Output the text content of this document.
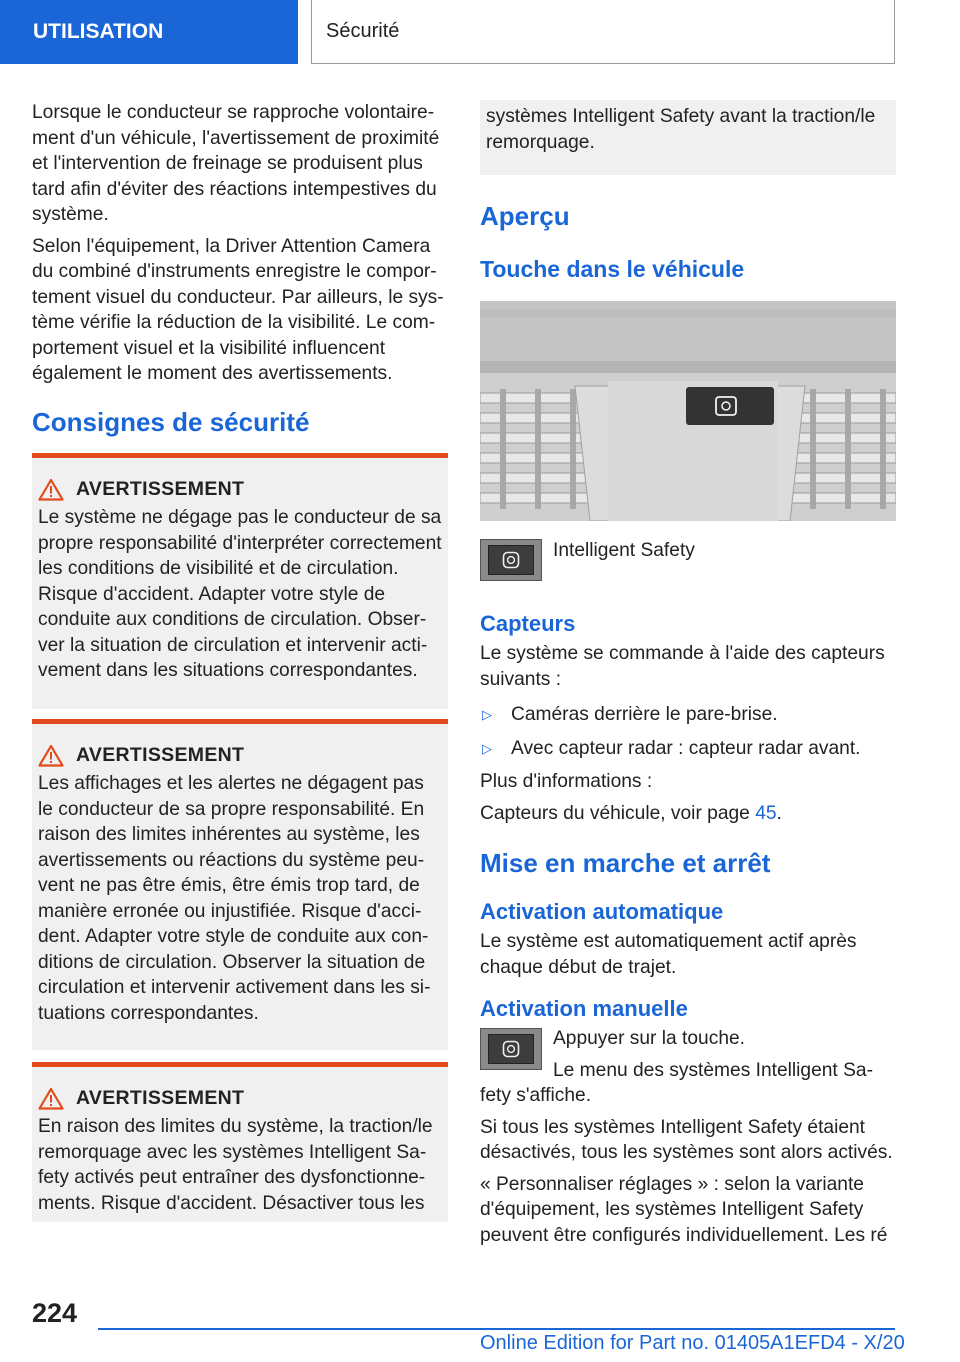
UTILISATION	Sécurité

Lorsque le conducteur se rapproche volontairement d'un véhicule, l'avertissement de proximité et l'intervention de freinage se produisent plus tard afin d'éviter des réactions intempestives du système.

Selon l'équipement, la Driver Attention Camera du combiné d'instruments enregistre le comportement visuel du conducteur. Par ailleurs, le système vérifie la réduction de la visibilité. Le comportement visuel et la visibilité influencent également le moment des avertissements.

Consignes de sécurité
AVERTISSEMENT

Le système ne dégage pas le conducteur de sa propre responsabilité d'interpréter correctement les conditions de visibilité et de circulation. Risque d'accident. Adapter votre style de conduite aux conditions de circulation. Observer la situation de circulation et intervenir activement dans les situations correspondantes.

AVERTISSEMENT

Les affichages et les alertes ne dégagent pas le conducteur de sa propre responsabilité. En raison des limites inhérentes au système, les avertissements ou réactions du système peuvent ne pas être émis, être émis trop tard, de manière erronée ou injustifiée. Risque d'accident. Adapter votre style de conduite aux conditions de circulation. Observer la situation de circulation et intervenir activement dans les situations correspondantes.

AVERTISSEMENT

En raison des limites du système, la traction/le remorquage avec les systèmes Intelligent Safety activés peut entraîner des dysfonctionnements. Risque d'accident. Désactiver tous les

systèmes Intelligent Safety avant la traction/le remorquage.

Aperçu
Touche dans le véhicule

Intelligent Safety

Capteurs

Le système se commande à l'aide des capteurs suivants :

▷ Caméras derrière le pare-brise.
▷ Avec capteur radar : capteur radar avant.

Plus d'informations :

Capteurs du véhicule, voir page 45.

Mise en marche et arrêt
Activation automatique

Le système est automatiquement actif après chaque début de trajet.

Activation manuelle

Appuyer sur la touche.

Le menu des systèmes Intelligent Safety s'affiche.

Si tous les systèmes Intelligent Safety étaient désactivés, tous les systèmes sont alors activés.

« Personnaliser réglages » : selon la variante d'équipement, les systèmes Intelligent Safety peuvent être configurés individuellement. Les ré

224
Online Edition for Part no. 01405A1EFD4 - X/20
